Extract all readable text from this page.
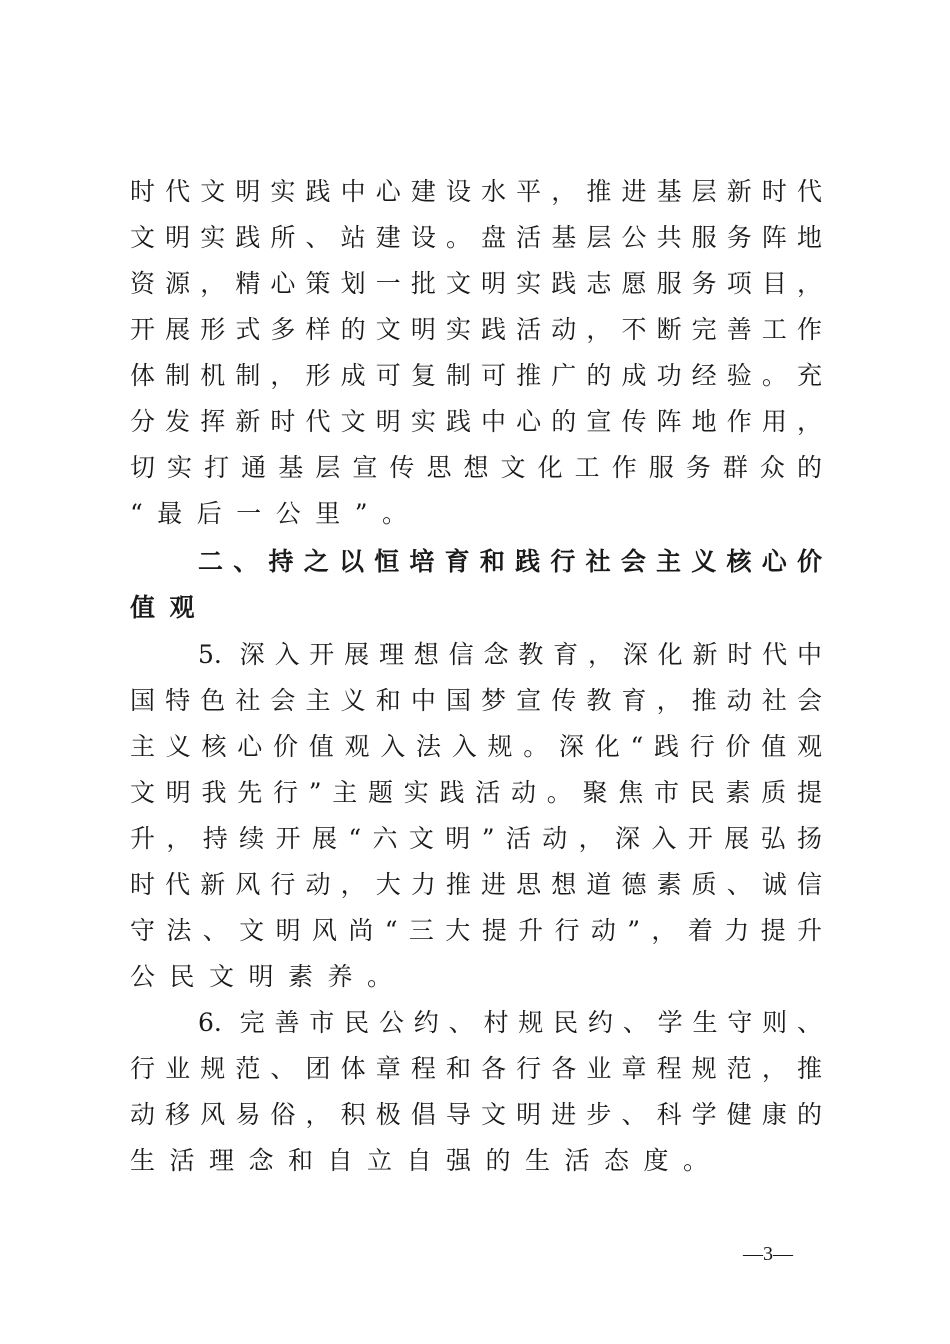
时代文明实践中心建设水平，推进基层新时代
文明实践所、站建设。盘活基层公共服务阵地
资源，精心策划一批文明实践志愿服务项目，
开展形式多样的文明实践活动，不断完善工作
体制机制，形成可复制可推广的成功经验。充
分发挥新时代文明实践中心的宣传阵地作用，
切实打通基层宣传思想文化工作服务群众的
“最后一公里”。
二、持之以恒培育和践行社会主义核心价
值观
5. 深入开展理想信念教育，深化新时代中
国特色社会主义和中国梦宣传教育，推动社会
主义核心价值观入法入规。深化“践行价值观
文明我先行”主题实践活动。聚焦市民素质提
升，持续开展“六文明”活动，深入开展弘扬
时代新风行动，大力推进思想道德素质、诚信
守法、文明风尚“三大提升行动”，着力提升
公民文明素养。
6. 完善市民公约、村规民约、学生守则、
行业规范、团体章程和各行各业章程规范，推
动移风易俗，积极倡导文明进步、科学健康的
生活理念和自立自强的生活态度。
—3—
